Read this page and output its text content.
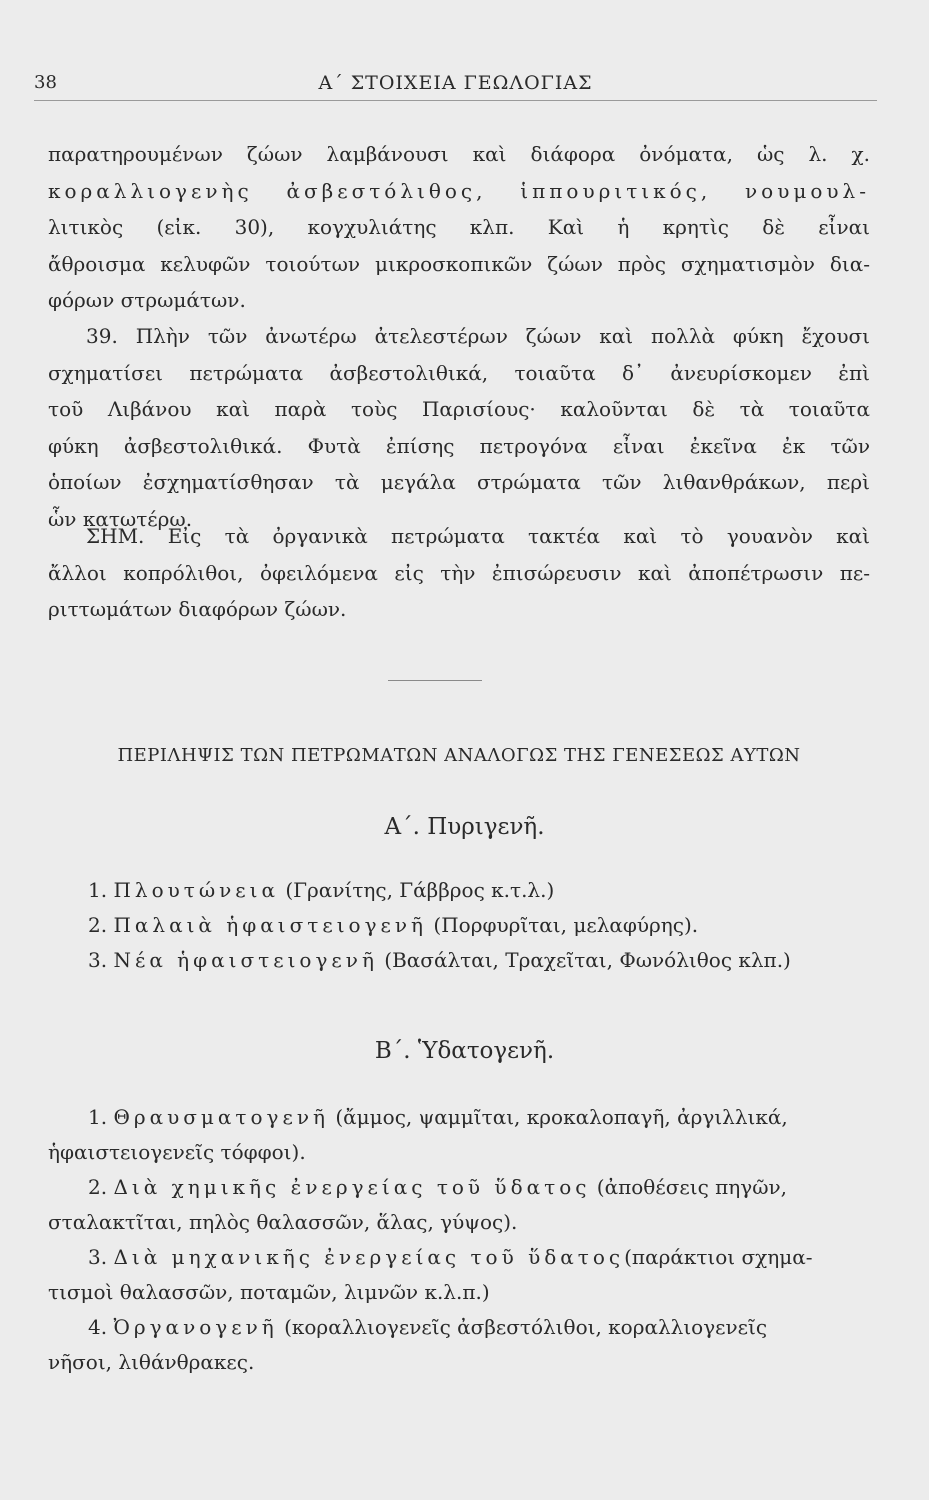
38	Α΄ ΣΤΟΙΧΕΙΑ ΓΕΩΛΟΓΙΑΣ

παρατηρουμένων ζώων λαμβάνουσι καὶ διάφορα ὀνόματα, ὡς λ. χ.

κοραλλιογενὴς ἀσβεστόλιθος, ἱππουριτικός, νουμουλ-

λιτικὸς (εἰκ. 30), κογχυλιάτης κλπ. Καὶ ἡ κρητὶς δὲ εἶναι

ἄθροισμα κελυφῶν τοιούτων μικροσκοπικῶν ζώων πρὸς σχηματισμὸν δια-

φόρων στρωμάτων.

39. Πλὴν τῶν ἀνωτέρω ἀτελεστέρων ζώων καὶ πολλὰ φύκη ἔχουσι

σχηματίσει πετρώματα ἀσβεστολιθικά, τοιαῦτα δ᾽ ἀνευρίσκομεν ἐπὶ

τοῦ Λιβάνου καὶ παρὰ τοὺς Παρισίους· καλοῦνται δὲ τὰ τοιαῦτα

φύκη ἀσβεστολιθικά. Φυτὰ ἐπίσης πετρογόνα εἶναι ἐκεῖνα ἐκ τῶν

ὁποίων ἐσχηματίσθησαν τὰ μεγάλα στρώματα τῶν λιθανθράκων, περὶ

ὧν κατωτέρω.

ΣΗΜ. Εἰς τὰ ὀργανικὰ πετρώματα τακτέα καὶ τὸ γουανὸν καὶ

ἄλλοι κοπρόλιθοι, ὀφειλόμενα εἰς τὴν ἐπισώρευσιν καὶ ἀποπέτρωσιν πε-

ριττωμάτων διαφόρων ζώων.

ΠΕΡΙΛΗΨΙΣ ΤΩΝ ΠΕΤΡΩΜΑΤΩΝ ΑΝΑΛΟΓΩΣ ΤΗΣ ΓΕΝΕΣΕΩΣ ΑΥΤΩΝ
Α΄. Πυριγενῆ.

1. Πλουτώνεια (Γρανίτης, Γάββρος κ.τ.λ.)

2. Παλαιὰ ἡφαιστειογενῆ (Πορφυρῖται, μελαφύρης).

3. Νέα ἡφαιστειογενῆ (Βασάλται, Τραχεῖται, Φωνόλιθος κλπ.)

Β΄. Ὑδατογενῆ.

1. Θραυσματογενῆ (ἄμμος, ψαμμῖται, κροκαλοπαγῆ, ἀργιλλικά,

ἡφαιστειογενεῖς τόφφοι).

2. Διὰ χημικῆς ἐνεργείας τοῦ ὕδατος (ἀποθέσεις πηγῶν,

σταλακτῖται, πηλὸς θαλασσῶν, ἅλας, γύψος).

3. Διὰ μηχανικῆς ἐνεργείας τοῦ ὕδατος(παράκτιοι σχημα-

τισμοὶ θαλασσῶν, ποταμῶν, λιμνῶν κ.λ.π.)

4. Ὀργανογενῆ (κοραλλιογενεῖς ἀσβεστόλιθοι, κοραλλιογενεῖς

νῆσοι, λιθάνθρακες.
